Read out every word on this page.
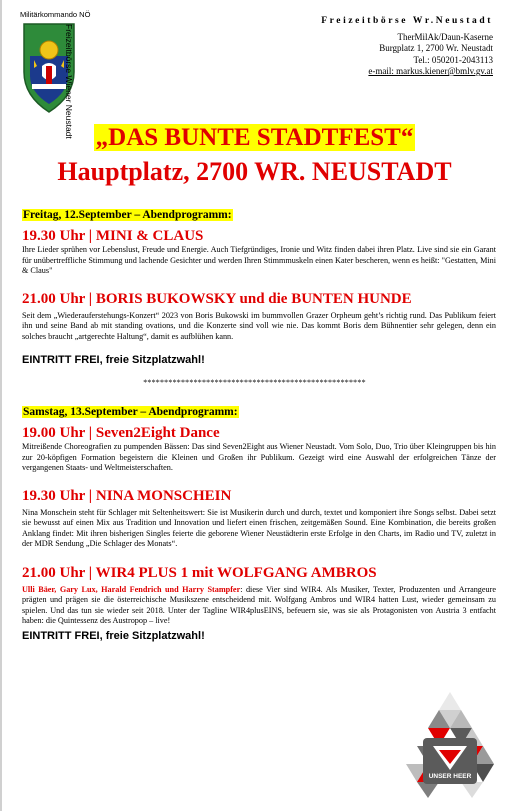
Militärkommando NÖ
Freizeitbörse Wiener Neustadt
Freizeitbörse Wr.Neustadt
TherMilAk/Daun-Kaserne
Burgplatz 1, 2700 Wr. Neustadt
Tel.: 050201-2043113
e-mail: markus.kiener@bmlv.gv.at
„DAS BUNTE STADTFEST“
Hauptplatz, 2700 WR. NEUSTADT
Freitag, 12.September – Abendprogramm:
19.30 Uhr | MINI & CLAUS
Ihre Lieder sprühen vor Lebenslust, Freude und Energie. Auch Tiefgründiges, Ironie und Witz finden dabei ihren Platz. Live sind sie ein Garant für unübertreffliche Stimmung und lachende Gesichter und werden Ihren Stimmmuskeln einen Kater bescheren, wenn es heißt: "Gestatten, Mini & Claus"
21.00 Uhr | BORIS BUKOWSKY und die BUNTEN HUNDE
Seit dem „Wiederauferstehungs-Konzert“ 2023 von Boris Bukowski im bummvollen Grazer Orpheum geht’s richtig rund. Das Publikum feiert ihn und seine Band ab mit standing ovations, und die Konzerte sind voll wie nie. Das kommt Boris dem Bühnentier sehr gelegen, denn ein solches braucht „artgerechte Haltung“, damit es aufblühen kann.
EINTRITT FREI, freie Sitzplatzwahl!
*****************************************************
Samstag, 13.September – Abendprogramm:
19.00 Uhr | Seven2Eight Dance
Mitreißende Choreografien zu pumpenden Bässen: Das sind Seven2Eight aus Wiener Neustadt. Vom Solo, Duo, Trio über Kleingruppen bis hin zur 20-köpfigen Formation begeistern die Kleinen und Großen ihr Publikum. Gezeigt wird eine Auswahl der erfolgreichen Tänze der vergangenen Staats- und Weltmeisterschaften.
19.30 Uhr | NINA MONSCHEIN
Nina Monschein steht für Schlager mit Seltenheitswert: Sie ist Musikerin durch und durch, textet und komponiert ihre Songs selbst. Dabei setzt sie bewusst auf einen Mix aus Tradition und Innovation und liefert einen frischen, zeitgemäßen Sound. Eine Kombination, die bereits großen Anklang findet: Mit ihren bisherigen Singles feierte die geborene Wiener Neustädterin erste Erfolge in den Charts, im Radio und TV, zuletzt in der MDR Sendung „Die Schlager des Monats“.
21.00 Uhr | WIR4 PLUS 1 mit WOLFGANG AMBROS
Ulli Bäer, Gary Lux, Harald Fendrich und Harry Stampfer: diese Vier sind WIR4. Als Musiker, Texter, Produzenten und Arrangeure prägten und prägen sie die österreichische Musikszene entscheidend mit. Wolfgang Ambros und WIR4 hatten Lust, wieder gemeinsam zu spielen. Und das tun sie wieder seit 2018. Unter der Tagline WIR4plusEINS, befeuern sie, was sie als Protagonisten von Austria 3 entfacht haben: die Quintessenz des Austropop – live!
EINTRITT FREI, freie Sitzplatzwahl!
UNSER HEER
